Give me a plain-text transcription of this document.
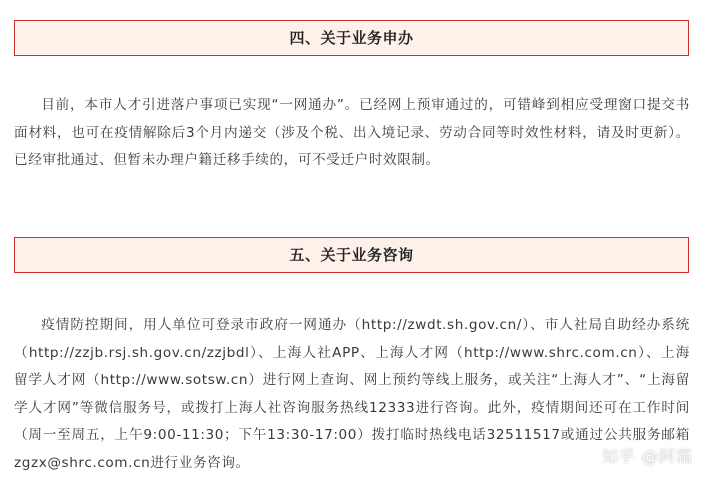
四、关于业务申办

目前，本市人才引进落户事项已实现“一网通办”。已经网上预审通过的，可错峰到相应受理窗口提交书面材料，也可在疫情解除后3个月内递交（涉及个税、出入境记录、劳动合同等时效性材料，请及时更新）。已经审批通过、但暂未办理户籍迁移手续的，可不受迁户时效限制。

五、关于业务咨询

疫情防控期间，用人单位可登录市政府一网通办（http://zwdt.sh.gov.cn/）、市人社局自助经办系统（http://zzjb.rsj.sh.gov.cn/zzjbdl）、上海人社APP、上海人才网（http://www.shrc.com.cn）、上海留学人才网（http://www.sotsw.cn）进行网上查询、网上预约等线上服务，或关注“上海人才”、“上海留学人才网”等微信服务号，或拨打上海人社咨询服务热线12333进行咨询。此外，疫情期间还可在工作时间（周一至周五，上午9:00-11:30；下午13:30-17:00）拨打临时热线电话32511517或通过公共服务邮箱zgzx@shrc.com.cn进行业务咨询。	知乎 @阿霜
